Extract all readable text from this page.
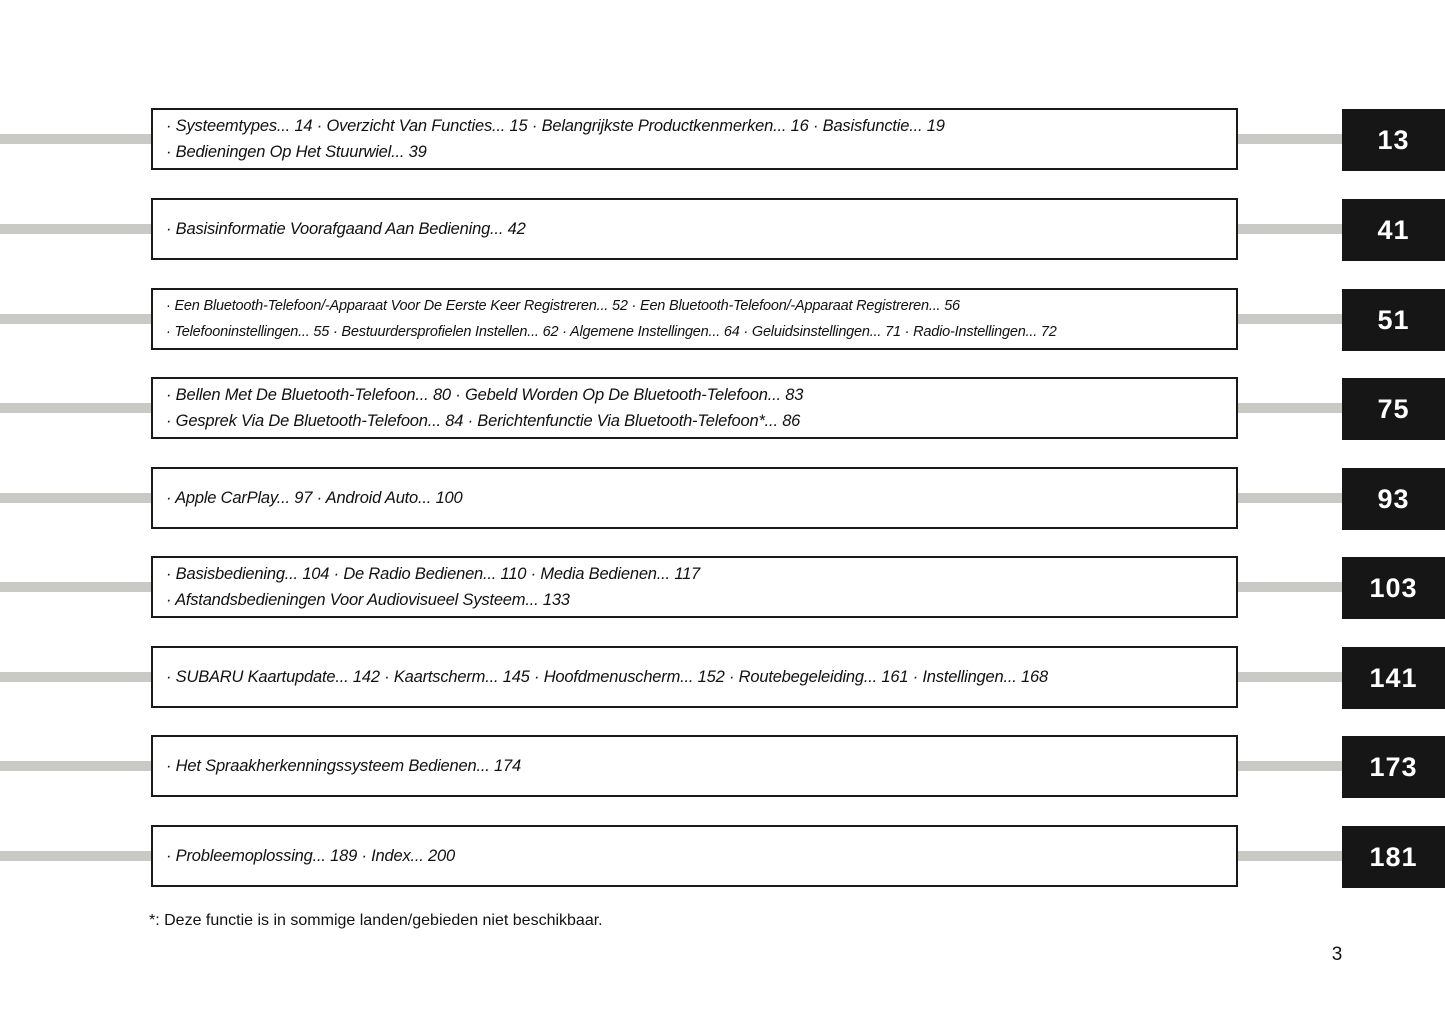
· Systeemtypes... 14 · Overzicht Van Functies... 15 · Belangrijkste Productkenmerken... 16 · Basisfunctie... 19
· Bedieningen Op Het Stuurwiel... 39	13
· Basisinformatie Voorafgaand Aan Bediening... 42	41
· Een Bluetooth-Telefoon/-Apparaat Voor De Eerste Keer Registreren... 52 · Een Bluetooth-Telefoon/-Apparaat Registreren... 56
· Telefooninstellingen... 55 · Bestuurdersprofielen Instellen... 62 · Algemene Instellingen... 64 · Geluidsinstellingen... 71 · Radio-Instellingen... 72	51
· Bellen Met De Bluetooth-Telefoon... 80 · Gebeld Worden Op De Bluetooth-Telefoon... 83
· Gesprek Via De Bluetooth-Telefoon... 84 · Berichtenfunctie Via Bluetooth-Telefoon*... 86	75
· Apple CarPlay... 97 · Android Auto... 100	93
· Basisbediening... 104 · De Radio Bedienen... 110 · Media Bedienen... 117
· Afstandsbedieningen Voor Audiovisueel Systeem... 133	103
· SUBARU Kaartupdate... 142 · Kaartscherm... 145 · Hoofdmenuscherm... 152 · Routebegeleiding... 161 · Instellingen... 168	141
· Het Spraakherkenningssysteem Bedienen... 174	173
· Probleemoplossing... 189 · Index... 200	181
*: Deze functie is in sommige landen/gebieden niet beschikbaar.
3
